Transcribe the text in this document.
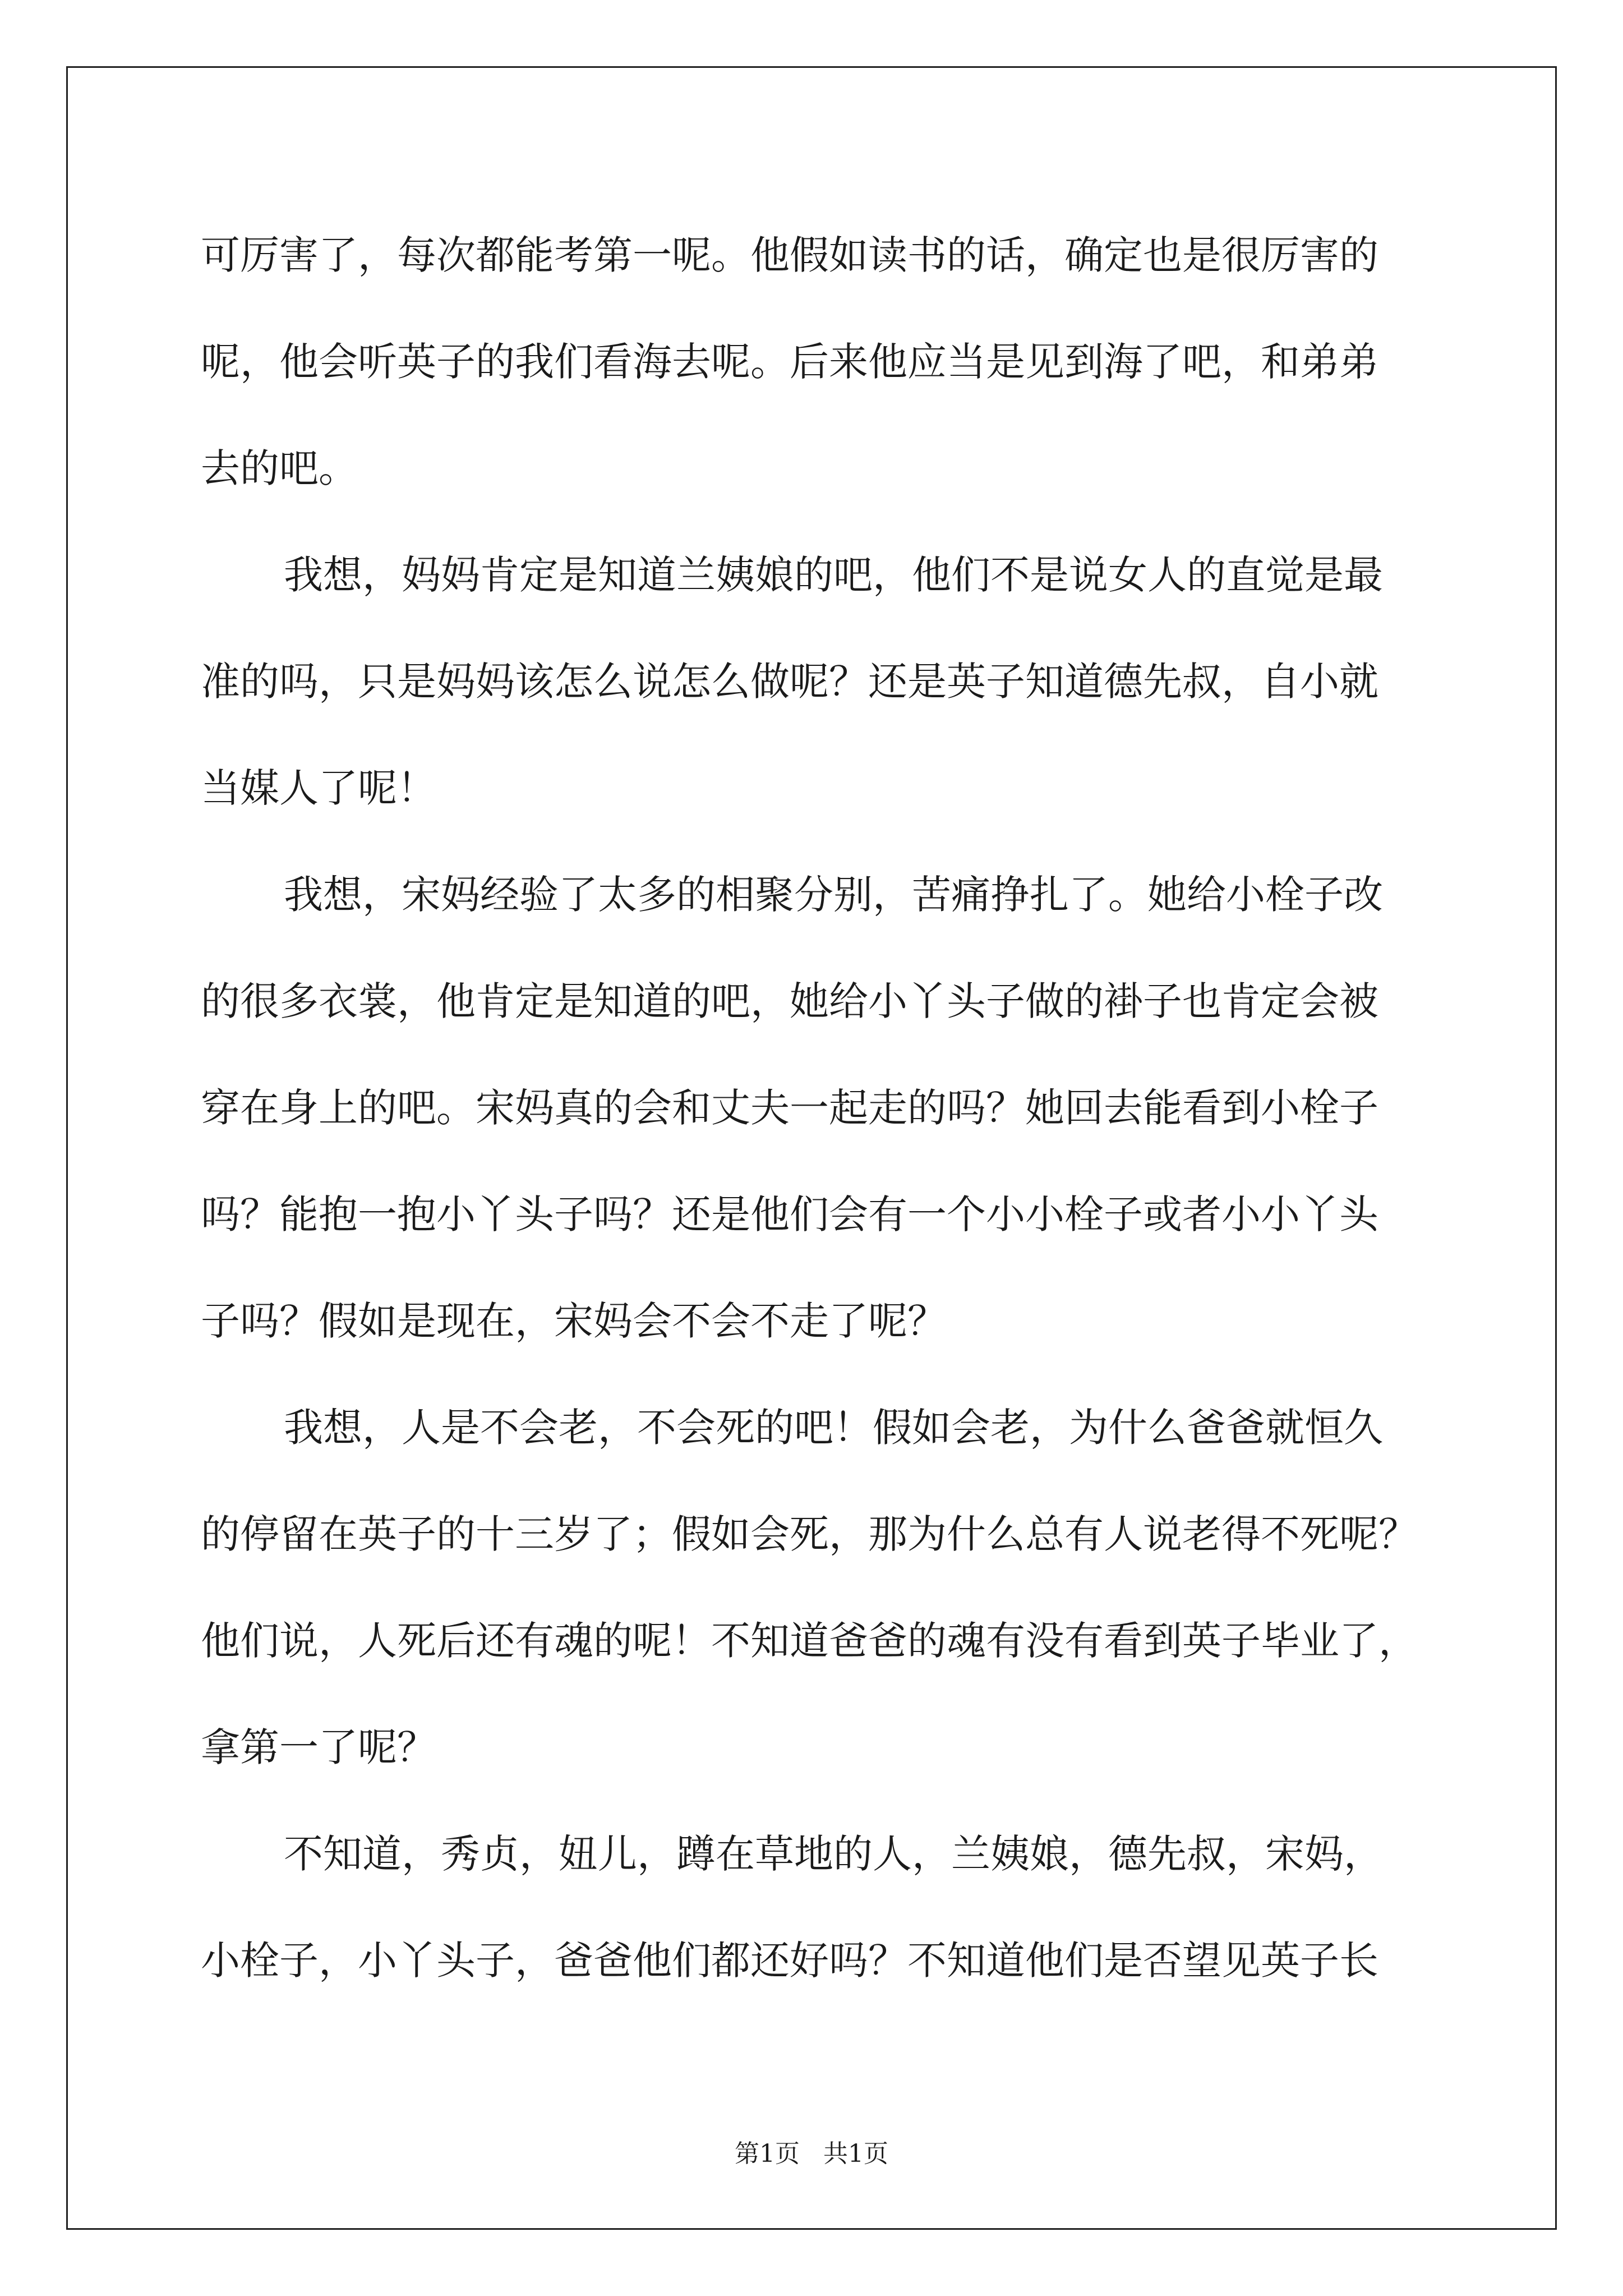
可厉害了，每次都能考第一呢。他假如读书的话，确定也是很厉害的
呢，他会听英子的我们看海去呢。后来他应当是见到海了吧，和弟弟
去的吧。
我想，妈妈肯定是知道兰姨娘的吧，他们不是说女人的直觉是最
准的吗，只是妈妈该怎么说怎么做呢？还是英子知道德先叔，自小就
当媒人了呢！
我想，宋妈经验了太多的相聚分别，苦痛挣扎了。她给小栓子改
的很多衣裳，他肯定是知道的吧，她给小丫头子做的褂子也肯定会被
穿在身上的吧。宋妈真的会和丈夫一起走的吗？她回去能看到小栓子
吗？能抱一抱小丫头子吗？还是他们会有一个小小栓子或者小小丫头
子吗？假如是现在，宋妈会不会不走了呢？
我想，人是不会老，不会死的吧！假如会老，为什么爸爸就恒久
的停留在英子的十三岁了；假如会死，那为什么总有人说老得不死呢？
他们说，人死后还有魂的呢！不知道爸爸的魂有没有看到英子毕业了，
拿第一了呢？
不知道，秀贞，妞儿，蹲在草地的人，兰姨娘，德先叔，宋妈，
小栓子，小丫头子，爸爸他们都还好吗？不知道他们是否望见英子长
第1页   共1页
